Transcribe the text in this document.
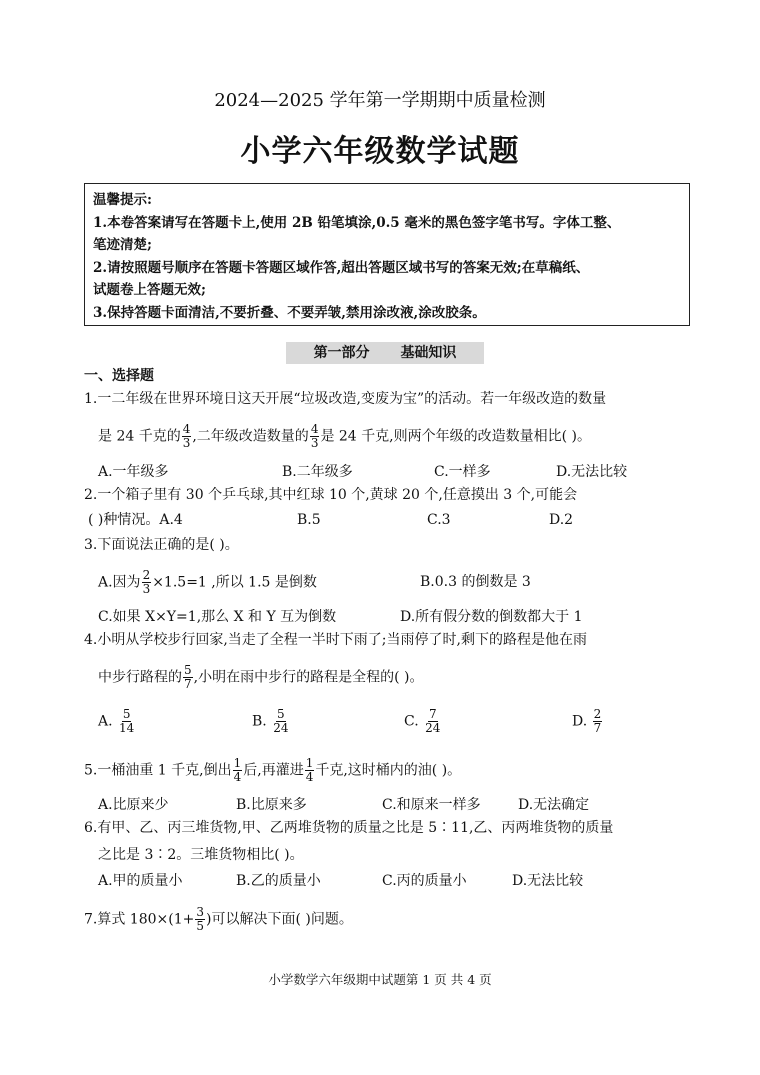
2024—2025 学年第一学期期中质量检测
小学六年级数学试题
温馨提示:
1.本卷答案请写在答题卡上,使用 2B 铅笔填涂,0.5 毫米的黑色签字笔书写。字体工整、
笔迹清楚;
2.请按照题号顺序在答题卡答题区域作答,超出答题区域书写的答案无效;在草稿纸、
试题卷上答题无效;
3.保持答题卡面清洁,不要折叠、不要弄皱,禁用涂改液,涂改胶条。
第一部分 基础知识
一、选择题
1.一二年级在世界环境日这天开展“垃圾改造,变废为宝”的活动。若一年级改造的数量
是 24 千克的 $\frac{4}{3}$ ,二年级改造数量的 $\frac{4}{3}$ 是 24 千克,则两个年级的改造数量相比( )。
A.一年级多	B.二年级多	C.一样多	D.无法比较
2.一个箱子里有 30 个乒乓球,其中红球 10 个,黄球 20 个,任意摸出 3 个,可能会
( )种情况。A.4	B.5	C.3	D.2
3.下面说法正确的是( )。
A.因为 $\frac{2}{3} \times 1.5=1$ ,所以 1.5 是倒数	B.0.3 的倒数是 3
C.如果 X×Y=1,那么 X 和 Y 互为倒数	D.所有假分数的倒数都大于 1
4.小明从学校步行回家,当走了全程一半时下雨了;当雨停了时,剩下的路程是他在雨
中步行路程的 $\frac{5}{7}$ ,小明在雨中步行的路程是全程的( )。
A. $\frac{5}{14}$	B. $\frac{5}{24}$	C. $\frac{7}{24}$	D. $\frac{2}{7}$
5.一桶油重 1 千克,倒出 $\frac{1}{4}$ 后,再灌进 $\frac{1}{4}$ 千克,这时桶内的油( )。
A.比原来少	B.比原来多	C.和原来一样多	D.无法确定
6.有甲、乙、丙三堆货物,甲、乙两堆货物的质量之比是 5∶11,乙、丙两堆货物的质量
之比是 3∶2。三堆货物相比( )。
A.甲的质量小	B.乙的质量小	C.丙的质量小	D.无法比较
7.算式 $180\times(1+ \frac{3}{5}$ )可以解决下面( )问题。
小学数学六年级期中试题第 1 页 共 4 页
